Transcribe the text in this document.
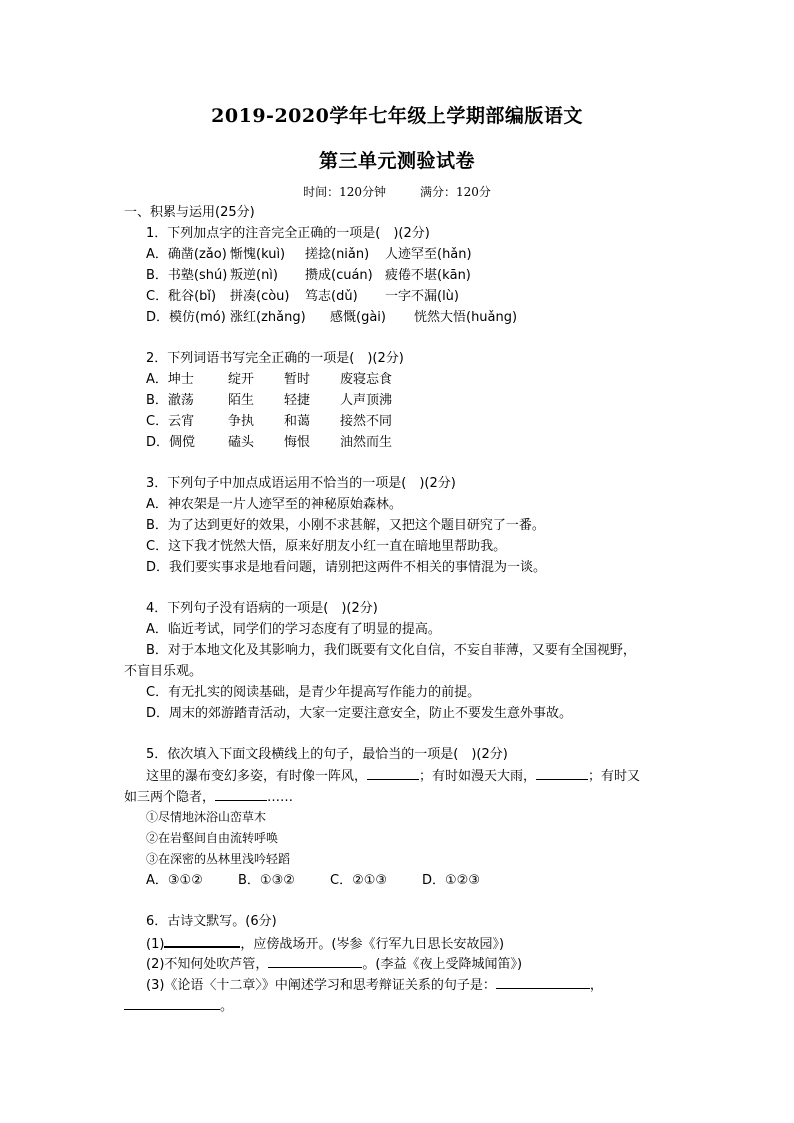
2019-2020学年七年级上学期部编版语文
第三单元测验试卷
时间：120分钟	满分：120分
一、积累与运用(25分)
1．下列加点字的注音完全正确的一项是(　)(2分)
A．确凿(zǎo) 惭愧(kuì) 搓捻(niǎn) 人迹罕至(hǎn)
B．书塾(shú) 叛逆(nì) 攒成(cuán) 疲倦不堪(kān)
C．秕谷(bǐ) 拼凑(còu) 笃志(dǔ) 一字不漏(lù)
D．模仿(mó) 涨红(zhǎng) 感慨(gài) 恍然大悟(huǎng)
2．下列词语书写完全正确的一项是(　)(2分)
A．坤士	绽开 暂时 废寝忘食
B．澈荡	陌生 轻捷 人声顶沸
C．云宵	争执 和蔼 接然不同
D．倜傥	磕头 悔恨 油然而生
3．下列句子中加点成语运用不恰当的一项是(　)(2分)
A．神农架是一片人迹罕至的神秘原始森林。
B．为了达到更好的效果，小刚不求甚解，又把这个题目研究了一番。
C．这下我才恍然大悟，原来好朋友小红一直在暗地里帮助我。
D．我们要实事求是地看问题，请别把这两件不相关的事情混为一谈。
4．下列句子没有语病的一项是(　)(2分)
A．临近考试，同学们的学习态度有了明显的提高。
B．对于本地文化及其影响力，我们既要有文化自信，不妄自菲薄，又要有全国视野，
不盲目乐观。
C．有无扎实的阅读基础，是青少年提高写作能力的前提。
D．周末的郊游踏青活动，大家一定要注意安全，防止不要发生意外事故。
5．依次填入下面文段横线上的句子，最恰当的一项是(　)(2分)
这里的瀑布变幻多姿，有时像一阵风，	；有时如漫天大雨，	；有时又
如三两个隐者，	……
①尽情地沐浴山峦草木
②在岩壑间自由流转呼唤
③在深密的丛林里浅吟轻蹈
A．③①②	B．①③②	C．②①③	D．①②③
6．古诗文默写。(6分)
(1)	，应傍战场开。(岑参《行军九日思长安故园》)
(2)不知何处吹芦管，	。(李益《夜上受降城闻笛》)
(3)《论语〈十二章〉》中阐述学习和思考辩证关系的句子是：	，
。
